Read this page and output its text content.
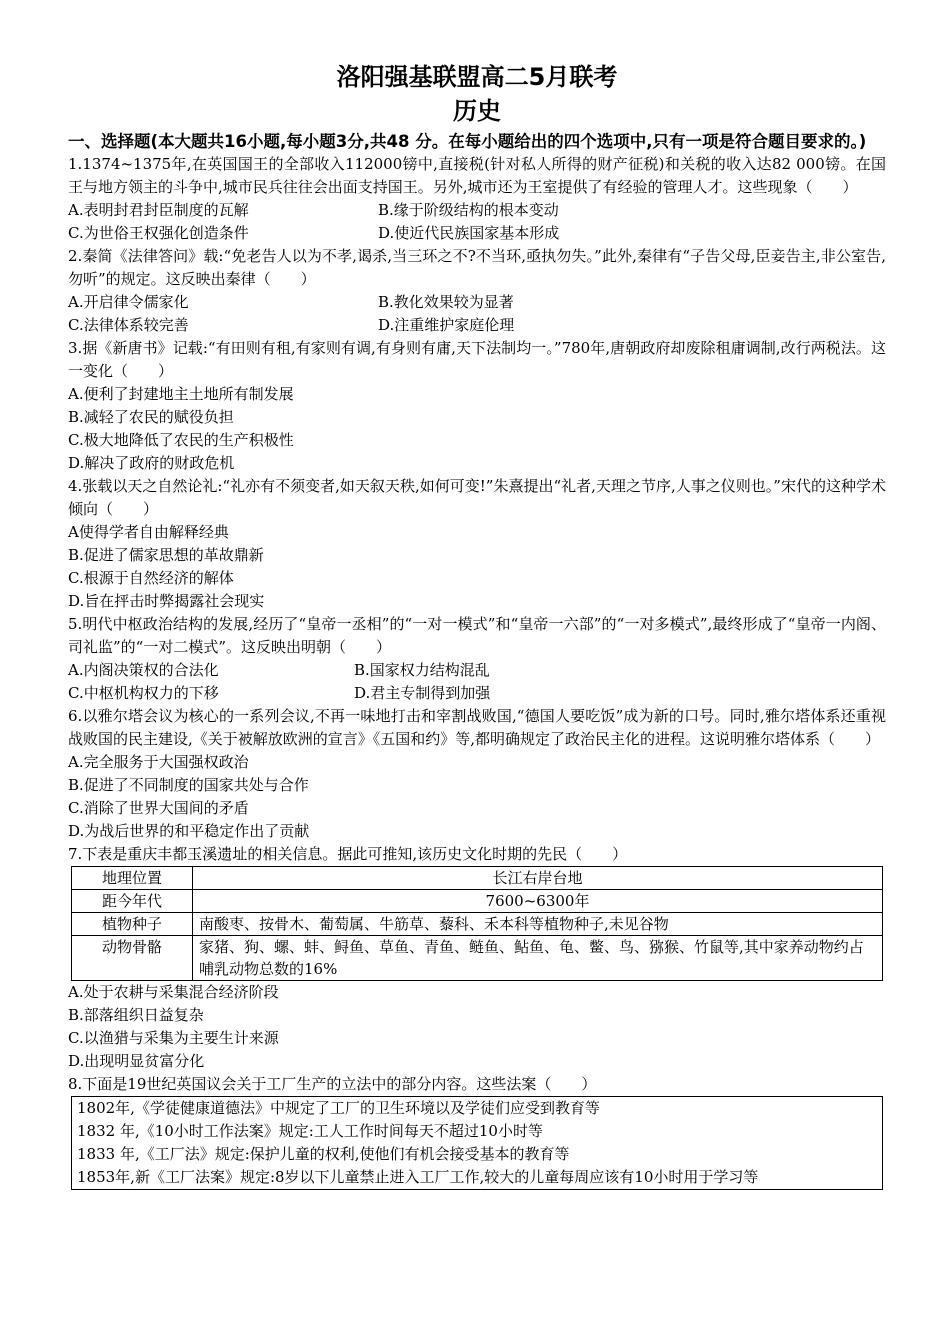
洛阳强基联盟高二5月联考
历史
一、选择题(本大题共16小题,每小题3分,共48 分。在每小题给出的四个选项中,只有一项是符合题目要求的。)
1.1374~1375年,在英国国王的全部收入112000镑中,直接税(针对私人所得的财产征税)和关税的收入达82 000镑。在国王与地方领主的斗争中,城市民兵往往会出面支持国王。另外,城市还为王室提供了有经验的管理人才。这些现象（　　）
A.表明封君封臣制度的瓦解	B.缘于阶级结构的根本变动
C.为世俗王权强化创造条件	D.使近代民族国家基本形成
2.秦简《法律答问》载:“免老告人以为不孝,谒杀,当三环之不?不当环,亟执勿失。”此外,秦律有“子告父母,臣妾告主,非公室告,勿听”的规定。这反映出秦律（　　）
A.开启律令儒家化	B.教化效果较为显著
C.法律体系较完善	D.注重维护家庭伦理
3.据《新唐书》记载:“有田则有租,有家则有调,有身则有庸,天下法制均一。”780年,唐朝政府却废除租庸调制,改行两税法。这一变化（　　）
A.便利了封建地主土地所有制发展
B.减轻了农民的赋役负担
C.极大地降低了农民的生产积极性
D.解决了政府的财政危机
4.张载以天之自然论礼:“礼亦有不须变者,如天叙天秩,如何可变!”朱熹提出“礼者,天理之节序,人事之仪则也。”宋代的这种学术倾向（　　）
A使得学者自由解释经典
B.促进了儒家思想的革故鼎新
C.根源于自然经济的解体
D.旨在抨击时弊揭露社会现实
5.明代中枢政治结构的发展,经历了“皇帝一丞相”的“一对一模式”和“皇帝一六部”的“一对多模式”,最终形成了“皇帝一内阁、司礼监”的“一对二模式”。这反映出明朝（　　）
A.内阁决策权的合法化	B.国家权力结构混乱
C.中枢机构权力的下移	D.君主专制得到加强
6.以雅尔塔会议为核心的一系列会议,不再一味地打击和宰割战败国,“德国人要吃饭”成为新的口号。同时,雅尔塔体系还重视战败国的民主建设,《关于被解放欧洲的宣言》《五国和约》等,都明确规定了政治民主化的进程。这说明雅尔塔体系（　　）
A.完全服务于大国强权政治
B.促进了不同制度的国家共处与合作
C.消除了世界大国间的矛盾
D.为战后世界的和平稳定作出了贡献
7.下表是重庆丰都玉溪遗址的相关信息。据此可推知,该历史文化时期的先民（　　）
地理位置	长江右岸台地
距今年代	7600~6300年
植物种子	南酸枣、按骨木、葡萄属、牛筋草、藜科、禾本科等植物种子,未见谷物
动物骨骼	家猪、狗、螺、蚌、鲟鱼、草鱼、青鱼、鲢鱼、鲇鱼、龟、鳖、鸟、猕猴、竹鼠等,其中家养动物约占哺乳动物总数的16%
A.处于农耕与采集混合经济阶段
B.部落组织日益复杂
C.以渔猎与采集为主要生计来源
D.出现明显贫富分化
8.下面是19世纪英国议会关于工厂生产的立法中的部分内容。这些法案（　　）
1802年,《学徒健康道德法》中规定了工厂的卫生环境以及学徒们应受到教育等
1832 年,《10小时工作法案》规定:工人工作时间每天不超过10小时等
1833 年,《工厂法》规定:保护儿童的权利,使他们有机会接受基本的教育等
1853年,新《工厂法案》规定:8岁以下儿童禁止进入工厂工作,较大的儿童每周应该有10小时用于学习等
